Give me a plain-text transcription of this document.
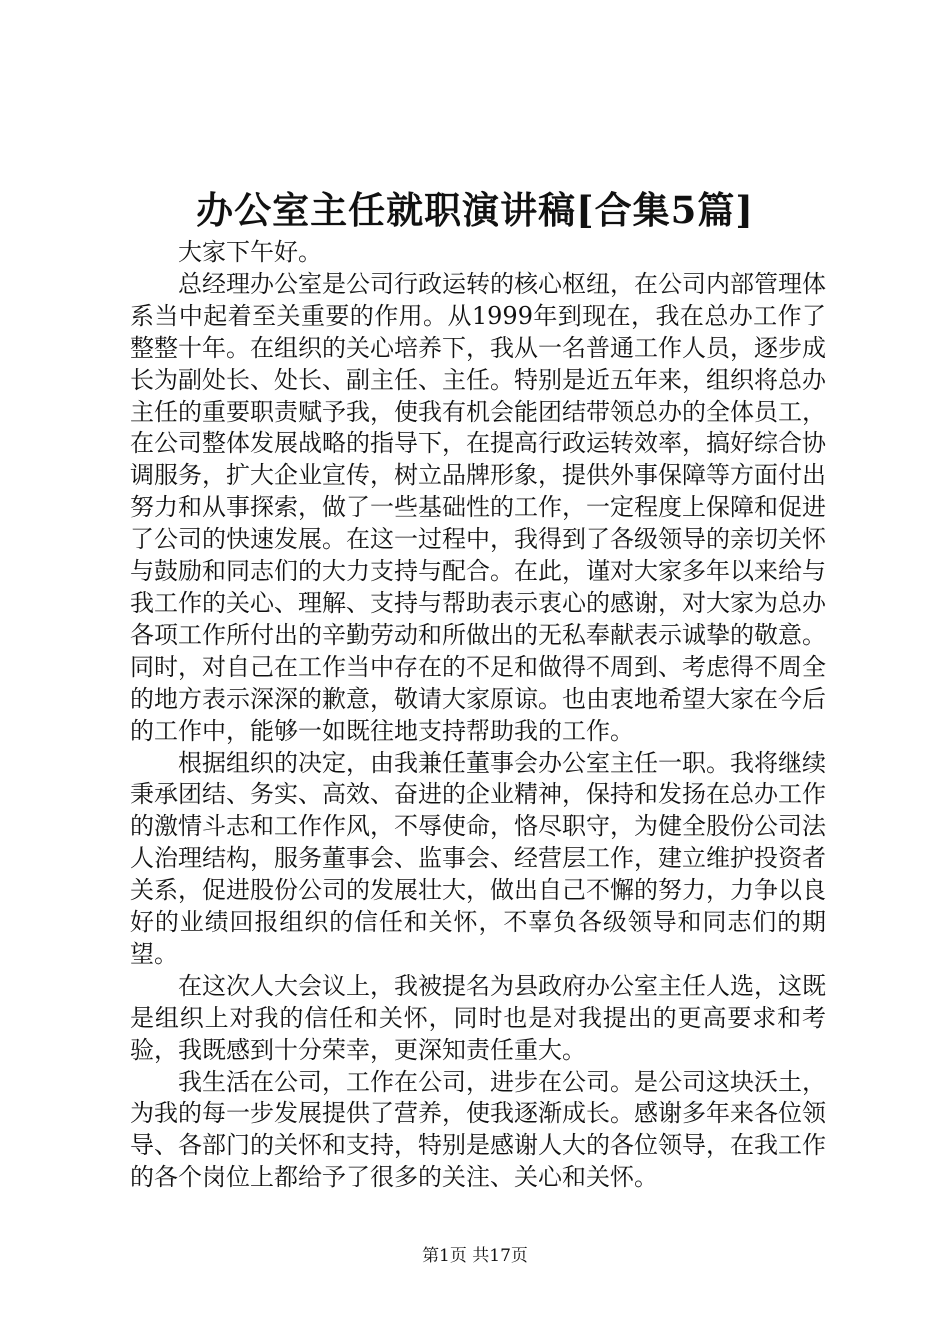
办公室主任就职演讲稿[合集5篇]

大家下午好。

总经理办公室是公司行政运转的核心枢纽，在公司内部管理体系当中起着至关重要的作用。从1999年到现在，我在总办工作了整整十年。在组织的关心培养下，我从一名普通工作人员，逐步成长为副处长、处长、副主任、主任。特别是近五年来，组织将总办主任的重要职责赋予我，使我有机会能团结带领总办的全体员工，在公司整体发展战略的指导下，在提高行政运转效率，搞好综合协调服务，扩大企业宣传，树立品牌形象，提供外事保障等方面付出努力和从事探索，做了一些基础性的工作，一定程度上保障和促进了公司的快速发展。在这一过程中，我得到了各级领导的亲切关怀与鼓励和同志们的大力支持与配合。在此，谨对大家多年以来给与我工作的关心、理解、支持与帮助表示衷心的感谢，对大家为总办各项工作所付出的辛勤劳动和所做出的无私奉献表示诚挚的敬意。同时，对自己在工作当中存在的不足和做得不周到、考虑得不周全的地方表示深深的歉意，敬请大家原谅。也由衷地希望大家在今后的工作中，能够一如既往地支持帮助我的工作。

根据组织的决定，由我兼任董事会办公室主任一职。我将继续秉承团结、务实、高效、奋进的企业精神，保持和发扬在总办工作的激情斗志和工作作风，不辱使命，恪尽职守，为健全股份公司法人治理结构，服务董事会、监事会、经营层工作，建立维护投资者关系，促进股份公司的发展壮大，做出自己不懈的努力，力争以良好的业绩回报组织的信任和关怀，不辜负各级领导和同志们的期望。

在这次人大会议上，我被提名为县政府办公室主任人选，这既是组织上对我的信任和关怀，同时也是对我提出的更高要求和考验，我既感到十分荣幸，更深知责任重大。

我生活在公司，工作在公司，进步在公司。是公司这块沃土，为我的每一步发展提供了营养，使我逐渐成长。感谢多年来各位领导、各部门的关怀和支持，特别是感谢人大的各位领导，在我工作的各个岗位上都给予了很多的关注、关心和关怀。

第1页 共17页
